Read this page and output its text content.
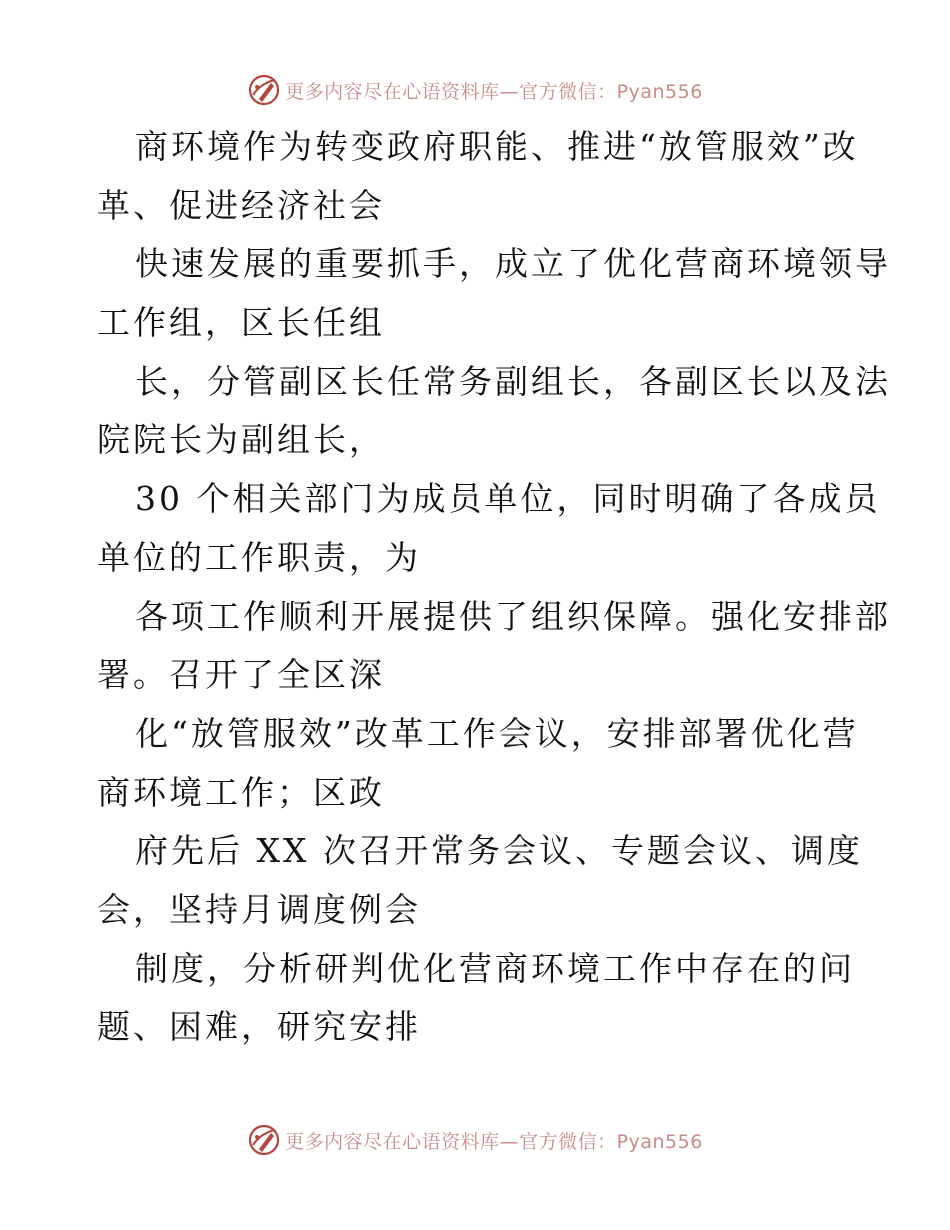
更多内容尽在心语资料库—官方微信：Pyan556

商环境作为转变政府职能、推进“放管服效”改

革、促进经济社会

快速发展的重要抓手，成立了优化营商环境领导

工作组，区长任组

长，分管副区长任常务副组长，各副区长以及法

院院长为副组长，

30 个相关部门为成员单位，同时明确了各成员

单位的工作职责，为

各项工作顺利开展提供了组织保障。强化安排部

署。召开了全区深

化“放管服效”改革工作会议，安排部署优化营

商环境工作；区政

府先后 XX 次召开常务会议、专题会议、调度

会，坚持月调度例会

制度，分析研判优化营商环境工作中存在的问

题、困难，研究安排

更多内容尽在心语资料库—官方微信：Pyan556
